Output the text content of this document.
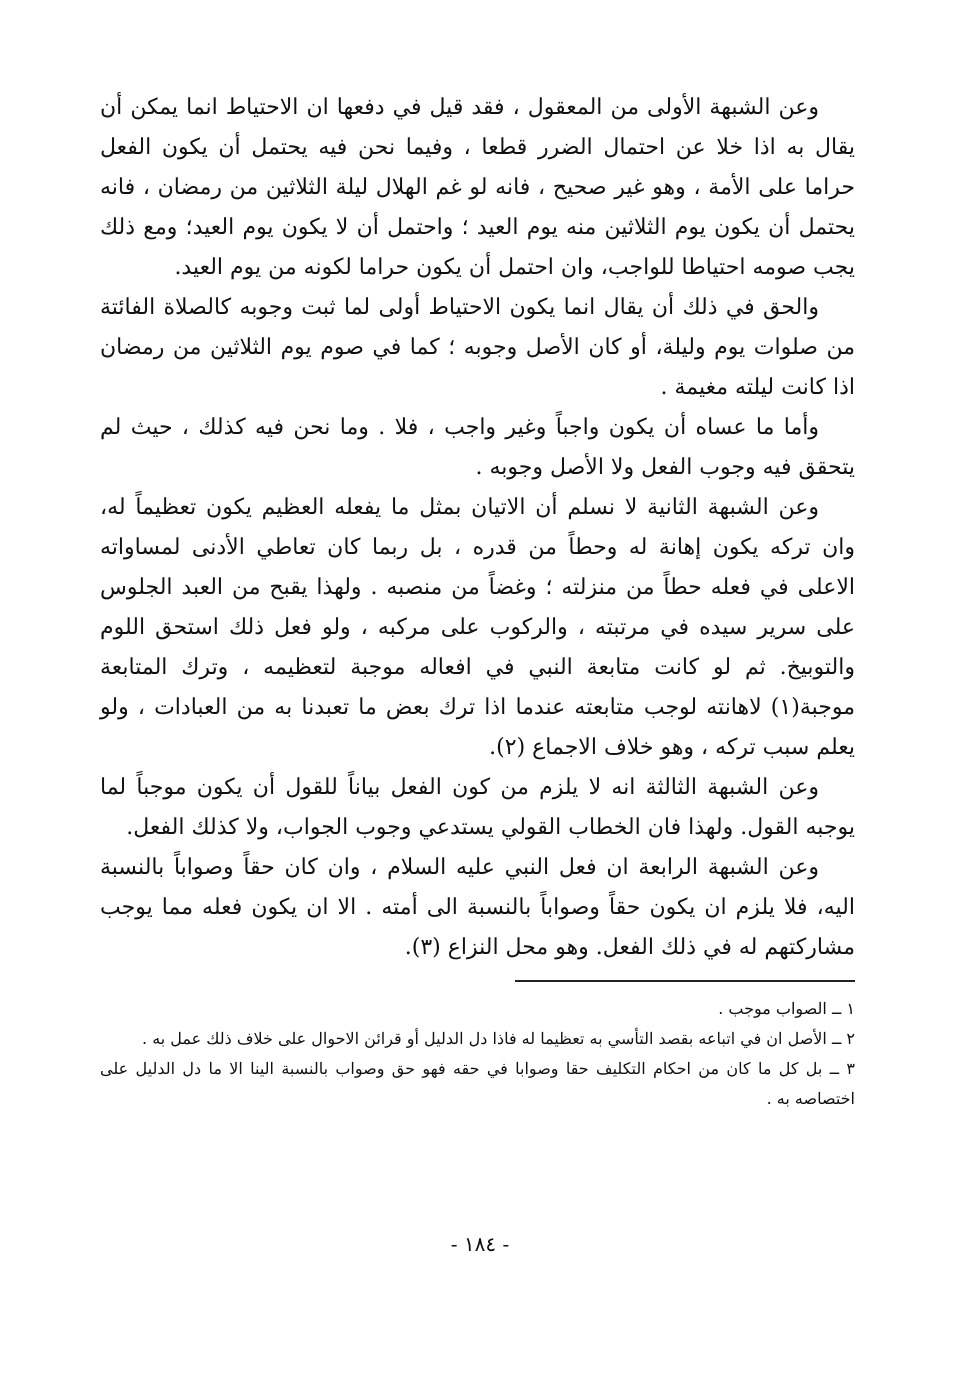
وعن الشبهة الأولى من المعقول ، فقد قيل في دفعها ان الاحتياط انما يمكن أن يقال به اذا خلا عن احتمال الضرر قطعا ، وفيما نحن فيه يحتمل أن يكون الفعل حراما على الأمة ، وهو غير صحيح ، فانه لو غم الهلال ليلة الثلاثين من رمضان ، فانه يحتمل أن يكون يوم الثلاثين منه يوم العيد ؛ واحتمل أن لا يكون يوم العيد؛ ومع ذلك يجب صومه احتياطا للواجب، وان احتمل أن يكون حراما لكونه من يوم العيد.

والحق في ذلك أن يقال انما يكون الاحتياط أولى لما ثبت وجوبه كالصلاة الفائتة من صلوات يوم وليلة، أو كان الأصل وجوبه ؛ كما في صوم يوم الثلاثين من رمضان اذا كانت ليلته مغيمة .

وأما ما عساه أن يكون واجباً وغير واجب ، فلا . وما نحن فيه كذلك ، حيث لم يتحقق فيه وجوب الفعل ولا الأصل وجوبه .

وعن الشبهة الثانية لا نسلم أن الاتيان بمثل ما يفعله العظيم يكون تعظيماً له، وان تركه يكون إهانة له وحطاً من قدره ، بل ربما كان تعاطي الأدنى لمساواته الاعلى في فعله حطاً من منزلته ؛ وغضاً من منصبه . ولهذا يقبح من العبد الجلوس على سرير سيده في مرتبته ، والركوب على مركبه ، ولو فعل ذلك استحق اللوم والتوبيخ. ثم لو كانت متابعة النبي في افعاله موجبة لتعظيمه ، وترك المتابعة موجبة(١) لاهانته لوجب متابعته عندما اذا ترك بعض ما تعبدنا به من العبادات ، ولو يعلم سبب تركه ، وهو خلاف الاجماع (٢).

وعن الشبهة الثالثة انه لا يلزم من كون الفعل بياناً للقول أن يكون موجباً لما يوجبه القول. ولهذا فان الخطاب القولي يستدعي وجوب الجواب، ولا كذلك الفعل.

وعن الشبهة الرابعة ان فعل النبي عليه السلام ، وان كان حقاً وصواباً بالنسبة اليه، فلا يلزم ان يكون حقاً وصواباً بالنسبة الى أمته . الا ان يكون فعله مما يوجب مشاركتهم له في ذلك الفعل. وهو محل النزاع (٣).

١ ــ الصواب موجب .

٢ ــ الأصل ان في اتباعه بقصد التأسي به تعظيما له فاذا دل الدليل أو قرائن الاحوال على خلاف ذلك عمل به .

٣ ــ بل كل ما كان من احكام التكليف حقا وصوابا في حقه فهو حق وصواب بالنسبة الينا الا ما دل الدليل على اختصاصه به .

- ١٨٤ -
